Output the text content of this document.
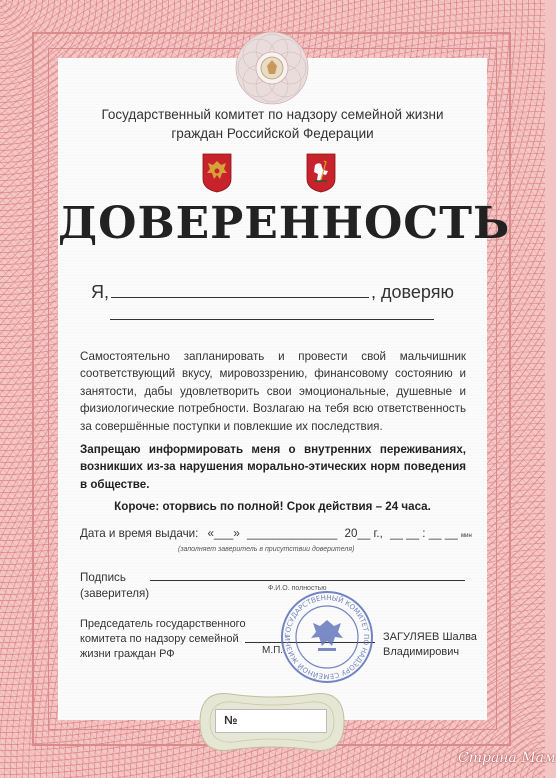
Государственный комитет по надзору семейной жизни
граждан Российской Федерации
ДОВЕРЕННОСТЬ
Я,	, доверяю
Самостоятельно запланировать и провести свой мальчишник соответствующий вкусу, мировоззрению, финансовому состоянию и занятости, дабы удовлетворить свои эмоциональные, душевные и физиологические потребности. Возлагаю на тебя всю ответственность за совершённые поступки и повлекшие их последствия.
Запрещаю информировать меня о внутренних переживаниях, возникших из-за нарушения морально-этических норм поведения в обществе.
Короче: оторвись по полной! Срок действия – 24 часа.
Дата и время выдачи: «___» ______________ 20__ г., __ __ : __ __ мин
(заполняет заверитель в присутствии доверителя)
Подпись
(заверителя)	Ф.И.О. полностью
Председатель государственного комитета по надзору семейной жизни граждан РФ	М.П.
ЗАГУЛЯЕВ Шалва
Владимирович
ГОСУДАРСТВЕННЫЙ КОМИТЕТ ПО НАДЗОРУ СЕМЕЙНОЙ ЖИЗНИ
№
Страна Мам
